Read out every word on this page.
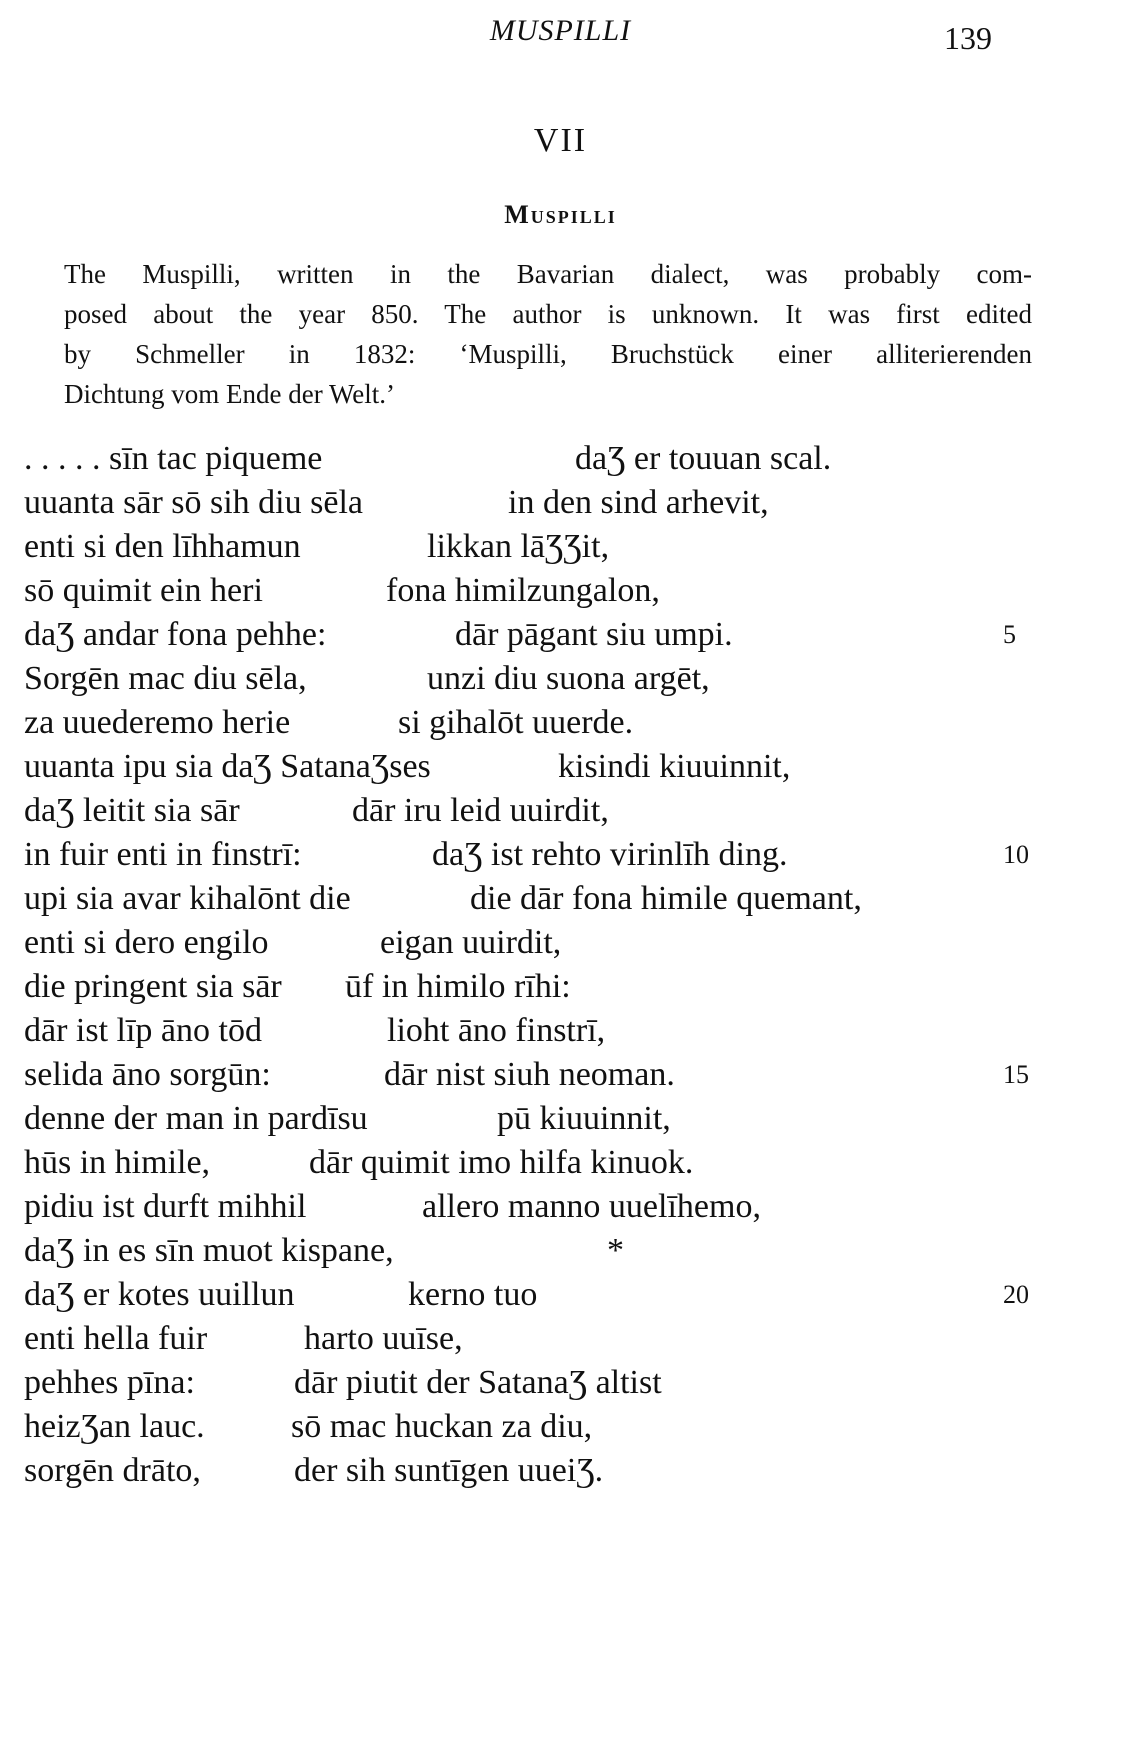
MUSPILLI	139
VII
Muspilli
The Muspilli, written in the Bavarian dialect, was probably com-
posed about the year 850. The author is unknown. It was first edited
by Schmeller in 1832: ‘Muspilli, Bruchstück einer alliterierenden
Dichtung vom Ende der Welt.’
. . . . . sīn tac piqueme	daƷ er touuan scal.
uuanta sār sō sih diu sēla	in den sind arhevit,
enti si den līhhamun	likkan lāƷƷit,
sō quimit ein heri	fona himilzungalon,
daƷ andar fona pehhe:	dār pāgant siu umpi.	5
Sorgēn mac diu sēla,	unzi diu suona argēt,
za uuederemo herie	si gihalōt uuerde.
uuanta ipu sia daƷ SatanaƷses	kisindi kiuuinnit,
daƷ leitit sia sār	dār iru leid uuirdit,
in fuir enti in finstrī:	daƷ ist rehto virinlīh ding.	10
upi sia avar kihalōnt die	die dār fona himile quemant,
enti si dero engilo	eigan uuirdit,
die pringent sia sār ūf in himilo rīhi:
dār ist līp āno tōd	lioht āno finstrī,
selida āno sorgūn:	dār nist siuh neoman.	15
denne der man in pardīsu	pū kiuuinnit,
hūs in himile,	dār quimit imo hilfa kinuok.
pidiu ist durft mihhil	allero manno uuelīhemo,
daƷ in es sīn muot kispane,	*
daƷ er kotes uuillun	kerno tuo	20
enti hella fuir	harto uuīse,
pehhes pīna:	dār piutit der SatanaƷ altist
heizƷan lauc.	sō mac huckan za diu,
sorgēn drāto,	der sih suntīgen uueiƷ.
